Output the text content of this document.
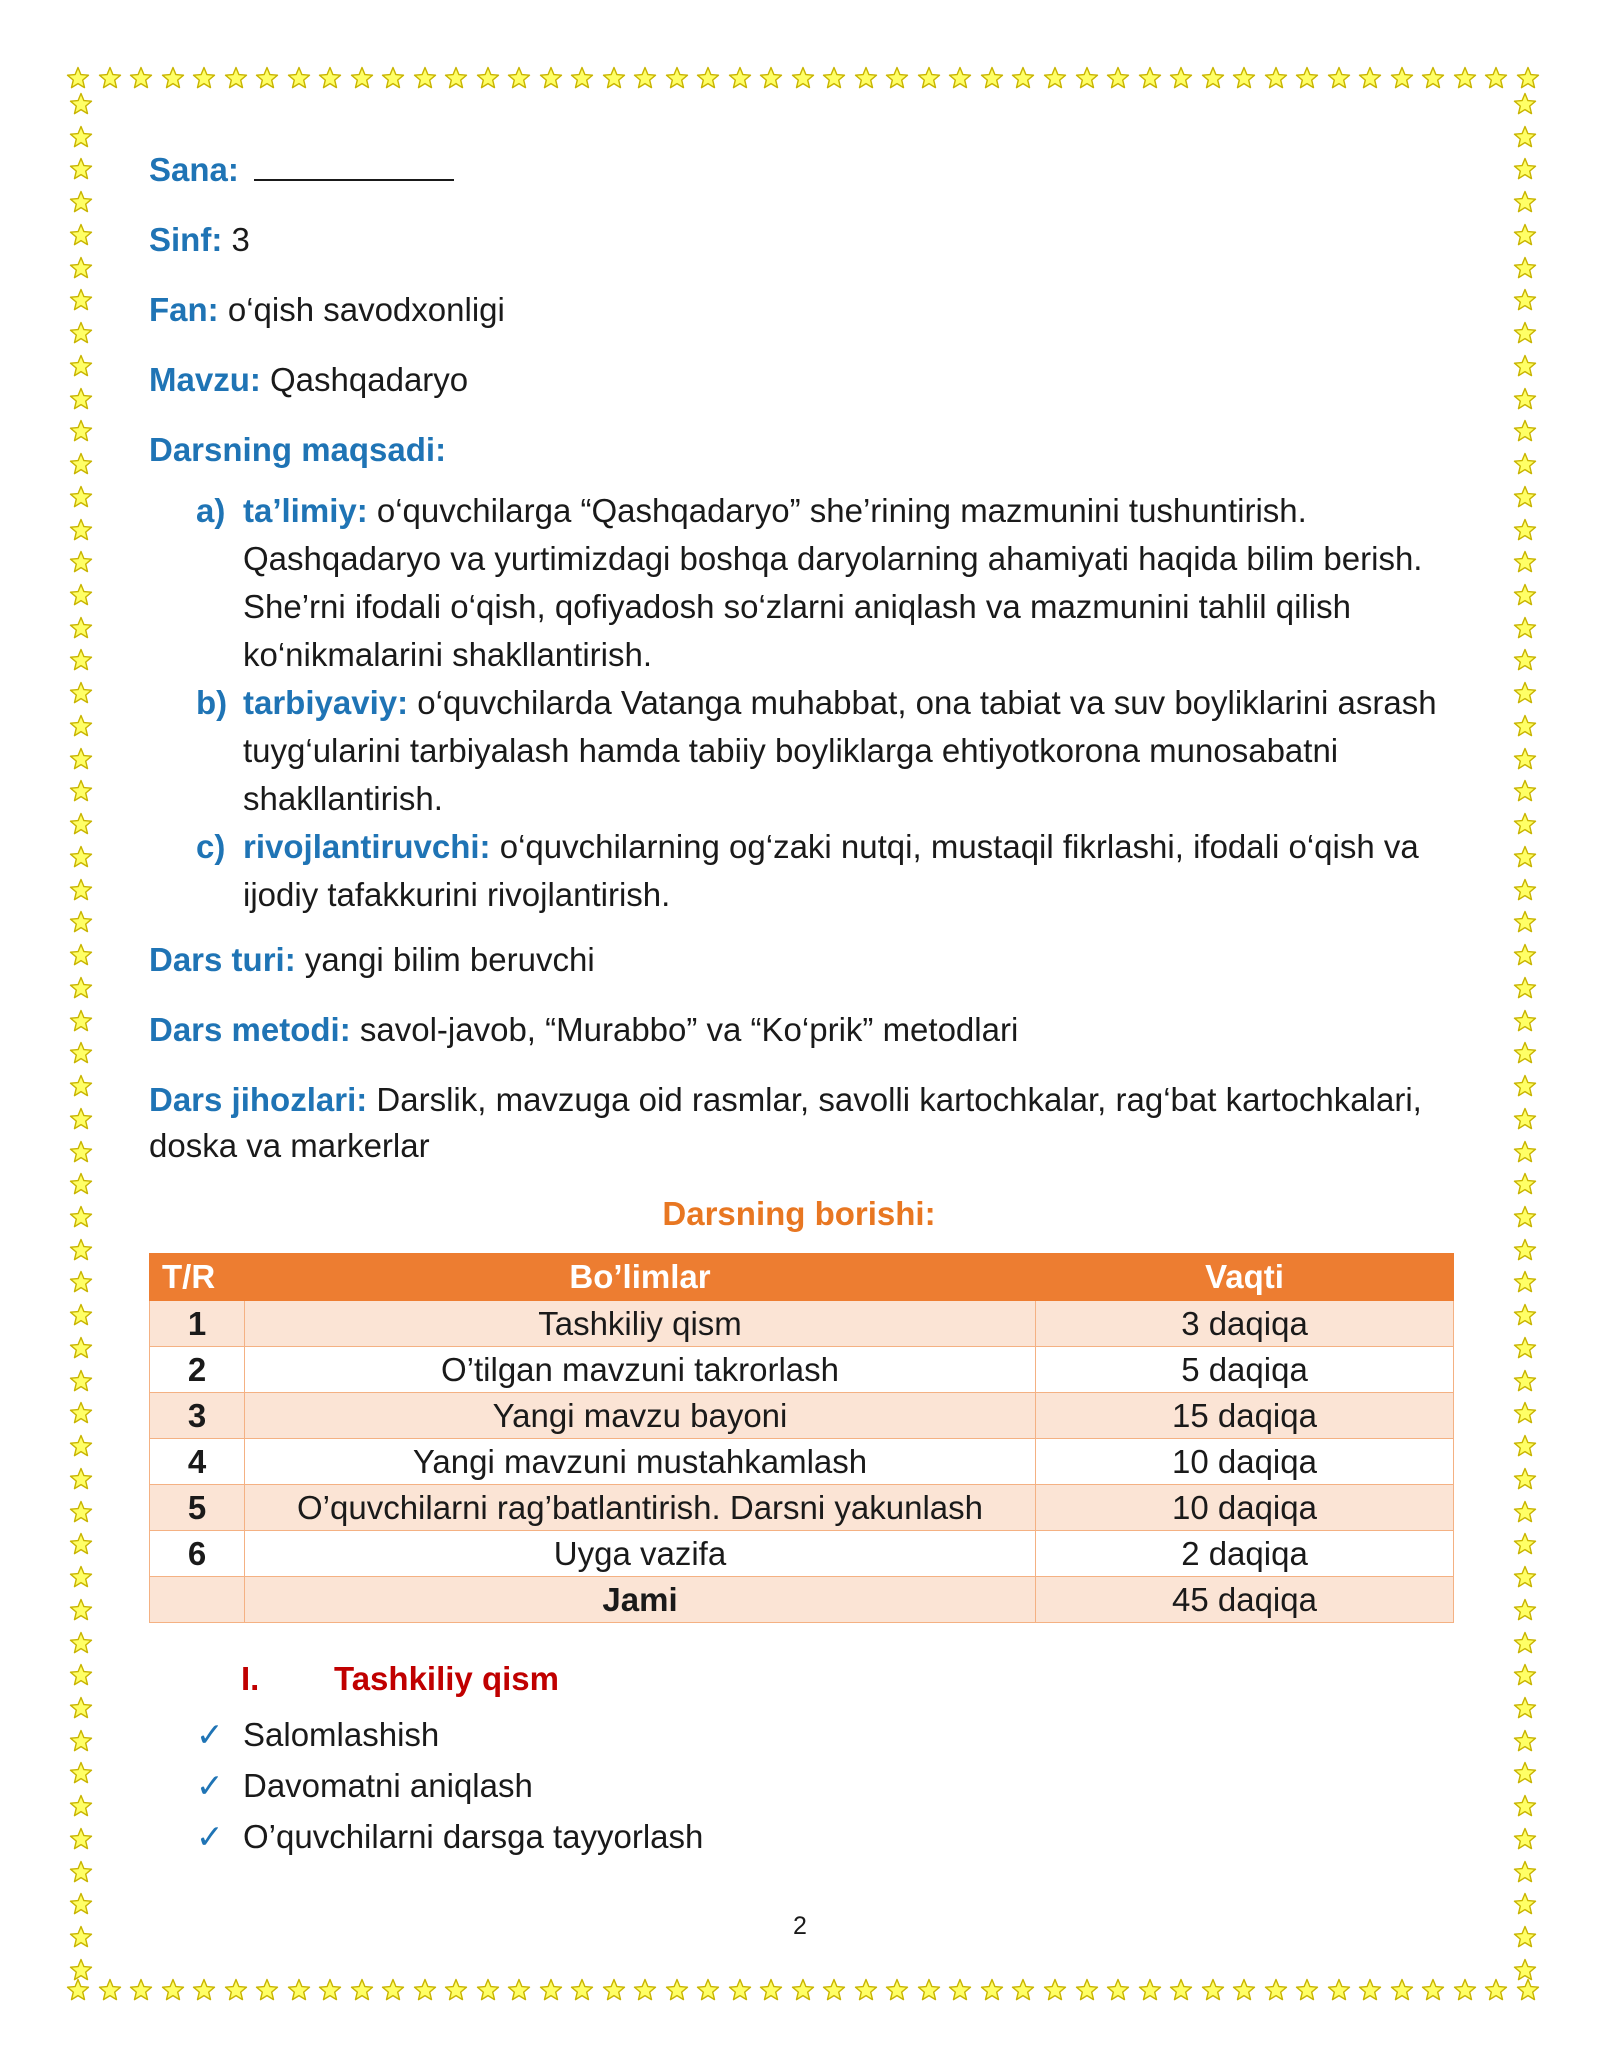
Sana:
Sinf: 3
Fan: o‘qish savodxonligi
Mavzu: Qashqadaryo
Darsning maqsadi:
a) ta’limiy: o‘quvchilarga “Qashqadaryo” she’rining mazmunini tushuntirish. Qashqadaryo va yurtimizdagi boshqa daryolarning ahamiyati haqida bilim berish. She’rni ifodali o‘qish, qofiyadosh so‘zlarni aniqlash va mazmunini tahlil qilish ko‘nikmalarini shakllantirish.
b) tarbiyaviy: o‘quvchilarda Vatanga muhabbat, ona tabiat va suv boyliklarini asrash tuyg‘ularini tarbiyalash hamda tabiiy boyliklarga ehtiyotkorona munosabatni shakllantirish.
c) rivojlantiruvchi: o‘quvchilarning og‘zaki nutqi, mustaqil fikrlashi, ifodali o‘qish va ijodiy tafakkurini rivojlantirish.
Dars turi: yangi bilim beruvchi
Dars metodi: savol-javob, “Murabbo” va “Ko‘prik” metodlari
Dars jihozlari: Darslik, mavzuga oid rasmlar, savolli kartochkalar, rag‘bat kartochkalari, doska va markerlar
Darsning borishi:
T/R	Bo’limlar	Vaqti
1	Tashkiliy qism	3 daqiqa
2	O’tilgan mavzuni takrorlash	5 daqiqa
3	Yangi mavzu bayoni	15 daqiqa
4	Yangi mavzuni mustahkamlash	10 daqiqa
5	O’quvchilarni rag’batlantirish. Darsni yakunlash	10 daqiqa
6	Uyga vazifa	2 daqiqa
	Jami	45 daqiqa
I. Tashkiliy qism
✓ Salomlashish
✓ Davomatni aniqlash
✓ O’quvchilarni darsga tayyorlash
2
